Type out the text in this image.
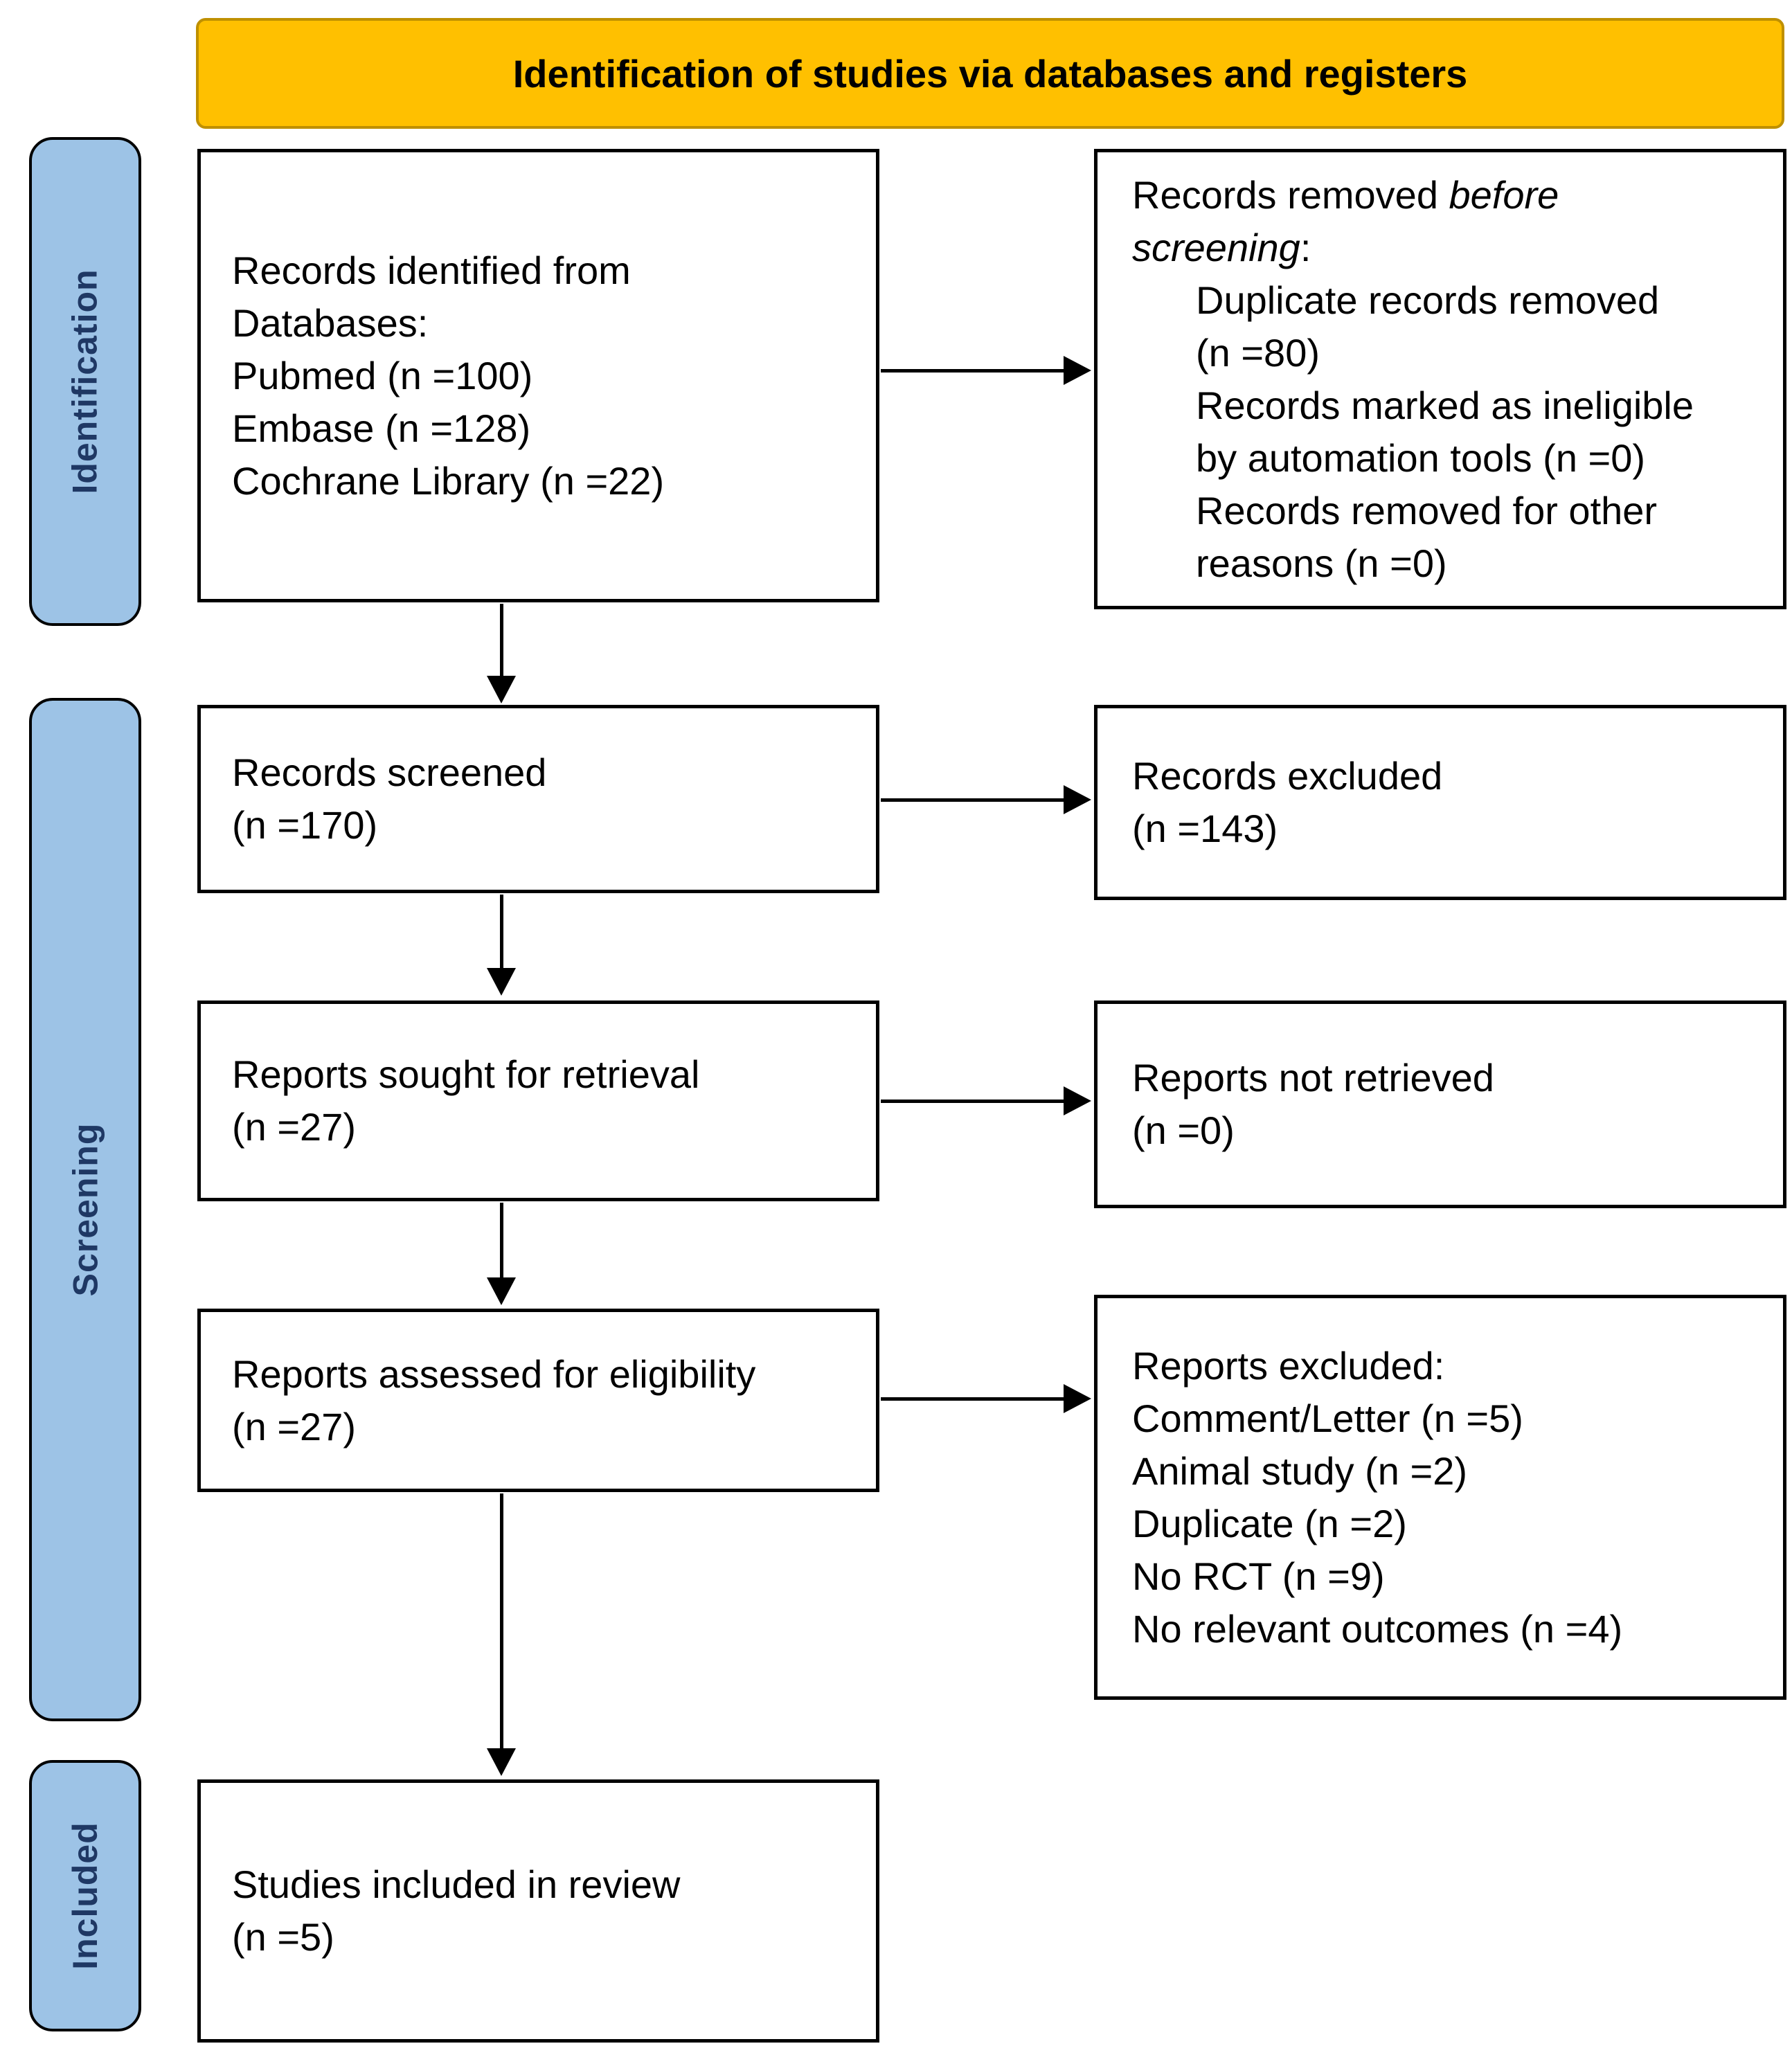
Identification of studies via databases and registers
Identification
Screening
Included
Records identified from
Databases:
Pubmed (n =100)
Embase (n =128)
Cochrane Library (n =22)
Records screened
(n =170)
Reports sought for retrieval
(n =27)
Reports assessed for eligibility
(n =27)
Studies included in review
(n =5)
Records removed before
screening:
Duplicate records removed
(n =80)
Records marked as ineligible
by automation tools (n =0)
Records removed for other
reasons (n =0)
Records excluded
(n =143)
Reports not retrieved
(n =0)
Reports excluded:
Comment/Letter (n =5)
Animal study (n =2)
Duplicate (n =2)
No RCT (n =9)
No relevant outcomes (n =4)
